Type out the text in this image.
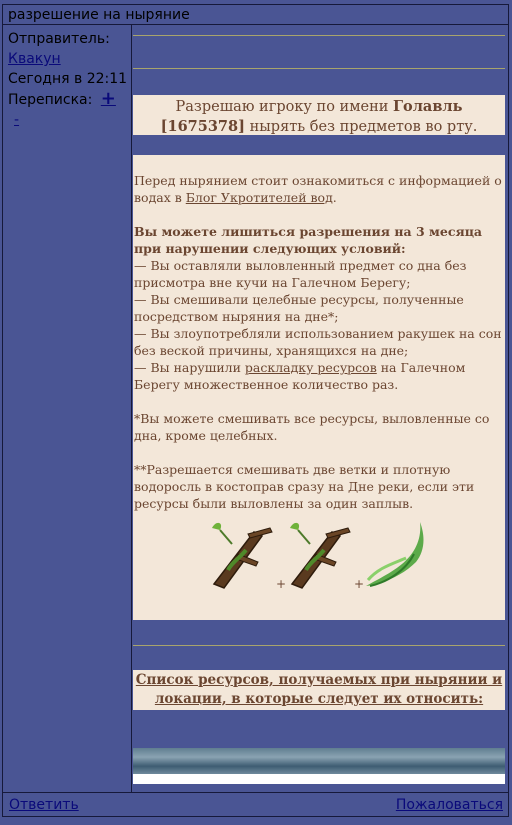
разрешение на ныряние
Отправитель:
Квакун
Сегодня в 22:11
Переписка: + -
Разрешаю игроку по имени Голавль [1675378] нырять без предметов во рту.

Перед нырянием стоит ознакомиться с информацией о водах в Блог Укротителей вод.

Вы можете лишиться разрешения на 3 месяца при нарушении следующих условий:
— Вы оставляли выловленный предмет со дна без присмотра вне кучи на Галечном Берегу;
— Вы смешивали целебные ресурсы, полученные посредством ныряния на дне*;
— Вы злоупотребляли использованием ракушек на сон без веской причины, хранящихся на дне;
— Вы нарушили раскладку ресурсов на Галечном Берегу множественное количество раз.

*Вы можете смешивать все ресурсы, выловленные со дна, кроме целебных.

**Разрешается смешивать две ветки и плотную водоросль в костоправ сразу на Дне реки, если эти ресурсы были выловлены за один заплыв.

+	+
Список ресурсов, получаемых при нырянии и локации, в которые следует их относить:
Ответить	Пожаловаться
